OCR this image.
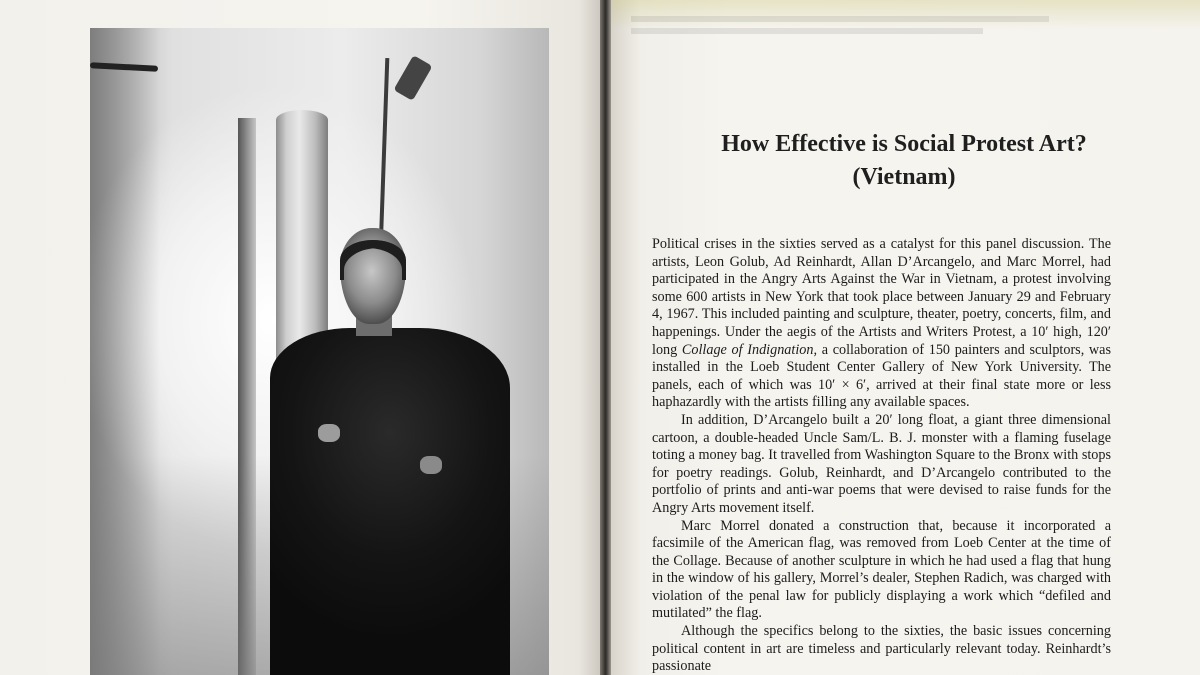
How Effective is Social Protest Art?
(Vietnam)

Political crises in the sixties served as a catalyst for this panel discussion. The artists, Leon Golub, Ad Reinhardt, Allan D’Arcangelo, and Marc Morrel, had participated in the Angry Arts Against the War in Vietnam, a protest involving some 600 artists in New York that took place between January 29 and February 4, 1967. This included painting and sculpture, theater, poetry, concerts, film, and happenings. Under the aegis of the Artists and Writers Protest, a 10′ high, 120′ long Collage of Indignation, a collaboration of 150 painters and sculptors, was installed in the Loeb Student Center Gallery of New York University. The panels, each of which was 10′ × 6′, arrived at their final state more or less haphazardly with the artists filling any available spaces.

In addition, D’Arcangelo built a 20′ long float, a giant three dimensional cartoon, a double-headed Uncle Sam/L. B. J. monster with a flaming fuselage toting a money bag. It travelled from Washington Square to the Bronx with stops for poetry readings. Golub, Reinhardt, and D’Arcangelo contributed to the portfolio of prints and anti-war poems that were devised to raise funds for the Angry Arts movement itself.

Marc Morrel donated a construction that, because it incorporated a facsimile of the American flag, was removed from Loeb Center at the time of the Collage. Because of another sculpture in which he had used a flag that hung in the window of his gallery, Morrel’s dealer, Stephen Radich, was charged with violation of the penal law for publicly displaying a work which “defiled and mutilated” the flag.

Although the specifics belong to the sixties, the basic issues concerning political content in art are timeless and particularly relevant today. Reinhardt’s passionate
